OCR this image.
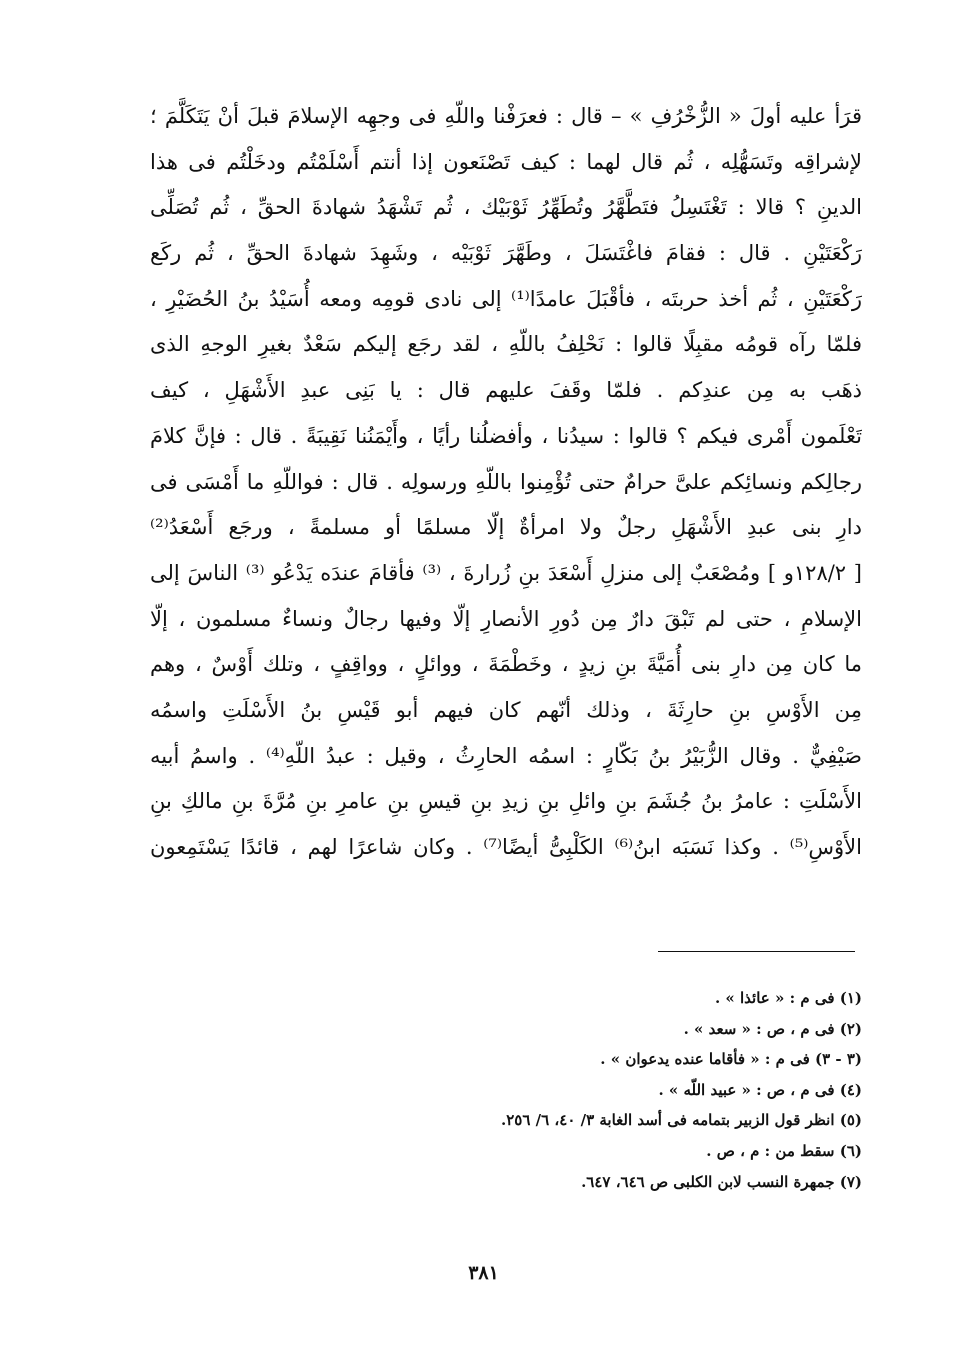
قرَأ عليه أولَ « الزُّخْرُفِ » – قال : فعرَفْنا واللّهِ فى وجهِه الإسلامَ قبلَ أنْ يَتَكَلَّمَ ؛
لإشراقِه وتَسَهُّلِه ، ثُم قال لهما : كيف تَصْنَعون إذا أنتم أَسْلَمْتُم ودخَلْتُم فى هذا
الدينِ ؟ قالا : تَغْتَسِلُ فتَطَّهَّرُ وتُطَهِّرُ ثَوْبَيْك ، ثُم تَشْهَدُ شهادةَ الحقِّ ، ثُم تُصَلِّى
رَكْعَتَيْنِ . قال : فقامَ فاغْتَسَلَ ، وطَهَّرَ ثَوْبَيْه ، وشَهِدَ شهادةَ الحقِّ ، ثُم ركَع
رَكْعَتَيْنِ ، ثُم أخذ حربتَه ، فأقْبَلَ عامدًا⁽¹⁾ إلى نادى قومِه ومعه أُسَيْدُ بنُ الحُضَيْرِ ،
فلمّا رآه قومُه مقبِلًا قالوا : نَحْلِفُ باللّهِ ، لقد رجَع إليكم سَعْدٌ بغيرِ الوجهِ الذى
ذهَب به مِن عندِكم . فلمّا وقَفَ عليهم قال : يا بَنِى عبدِ الأَشْهَلِ ، كيف
تَعْلَمون أَمْرى فيكم ؟ قالوا : سيدُنا ، وأفضلُنا رأيًا ، وأَيْمَنُنا نَقِيبَةً . قال : فإنَّ كلامَ
رجالِكم ونسائِكم علىَّ حرامٌ حتى تُؤْمِنوا باللّهِ ورسولِه . قال : فواللّهِ ما أَمْسَى فى
دارِ بنى عبدِ الأَشْهَلِ رجلٌ ولا امرأةٌ إلّا مسلمًا أو مسلمةً ، ورجَع أَسْعَدُ⁽²⁾
[ ١٢٨/٢و ] ومُصْعَبٌ إلى منزلِ أَسْعَدَ بنِ زُرارةَ ، ⁽³⁾ فأقامَ عندَه يَدْعُو ⁽³⁾ الناسَ إلى
الإسلامِ ، حتى لم تَبْقَ دارٌ مِن دُورِ الأنصارِ إلّا وفيها رجالٌ ونساءٌ مسلمون ، إلّا
ما كان مِن دارِ بنى أُمَيَّةَ بنِ زيدٍ ، وخَطْمَةَ ، ووائلٍ ، وواقِفٍ ، وتلك أَوْسٌ ، وهم
مِن الأَوْسِ بنِ حارِثَةَ ، وذلك أنّهم كان فيهم أبو قَيْسِ بنُ الأَسْلَتِ واسمُه
صَيْفِيٌّ . وقال الزُّبَيْرُ بنُ بَكّارٍ : اسمُه الحارِثُ ، وقيل : عبدُ اللّهِ⁽⁴⁾ . واسمُ أبيه
الأَسْلَتِ : عامرُ بنُ جُشَمَ بنِ وائلِ بنِ زيدِ بنِ قيسِ بنِ عامرِ بنِ مُرَّةَ بنِ مالكِ بنِ
الأَوْسِ⁽⁵⁾ . وكذا نَسَبَه ابنُ⁽⁶⁾ الكَلْبِىُّ أيضًا⁽⁷⁾ . وكان شاعرًا لهم ، قائدًا يَسْتَمِعون
(١) فى م : « عائذا » .
(٢) فى م ، ص : « سعد » .
(٣ - ٣) فى م : « فأقاما عنده يدعوان » .
(٤) فى م ، ص : « عبيد اللّه » .
(٥) انظر قول الزبير بتمامه فى أسد الغابة ٣/ ٤٠، ٦/ ٢٥٦.
(٦) سقط من : م ، ص .
(٧) جمهرة النسب لابن الكلبى ص ٦٤٦، ٦٤٧.
٣٨١
